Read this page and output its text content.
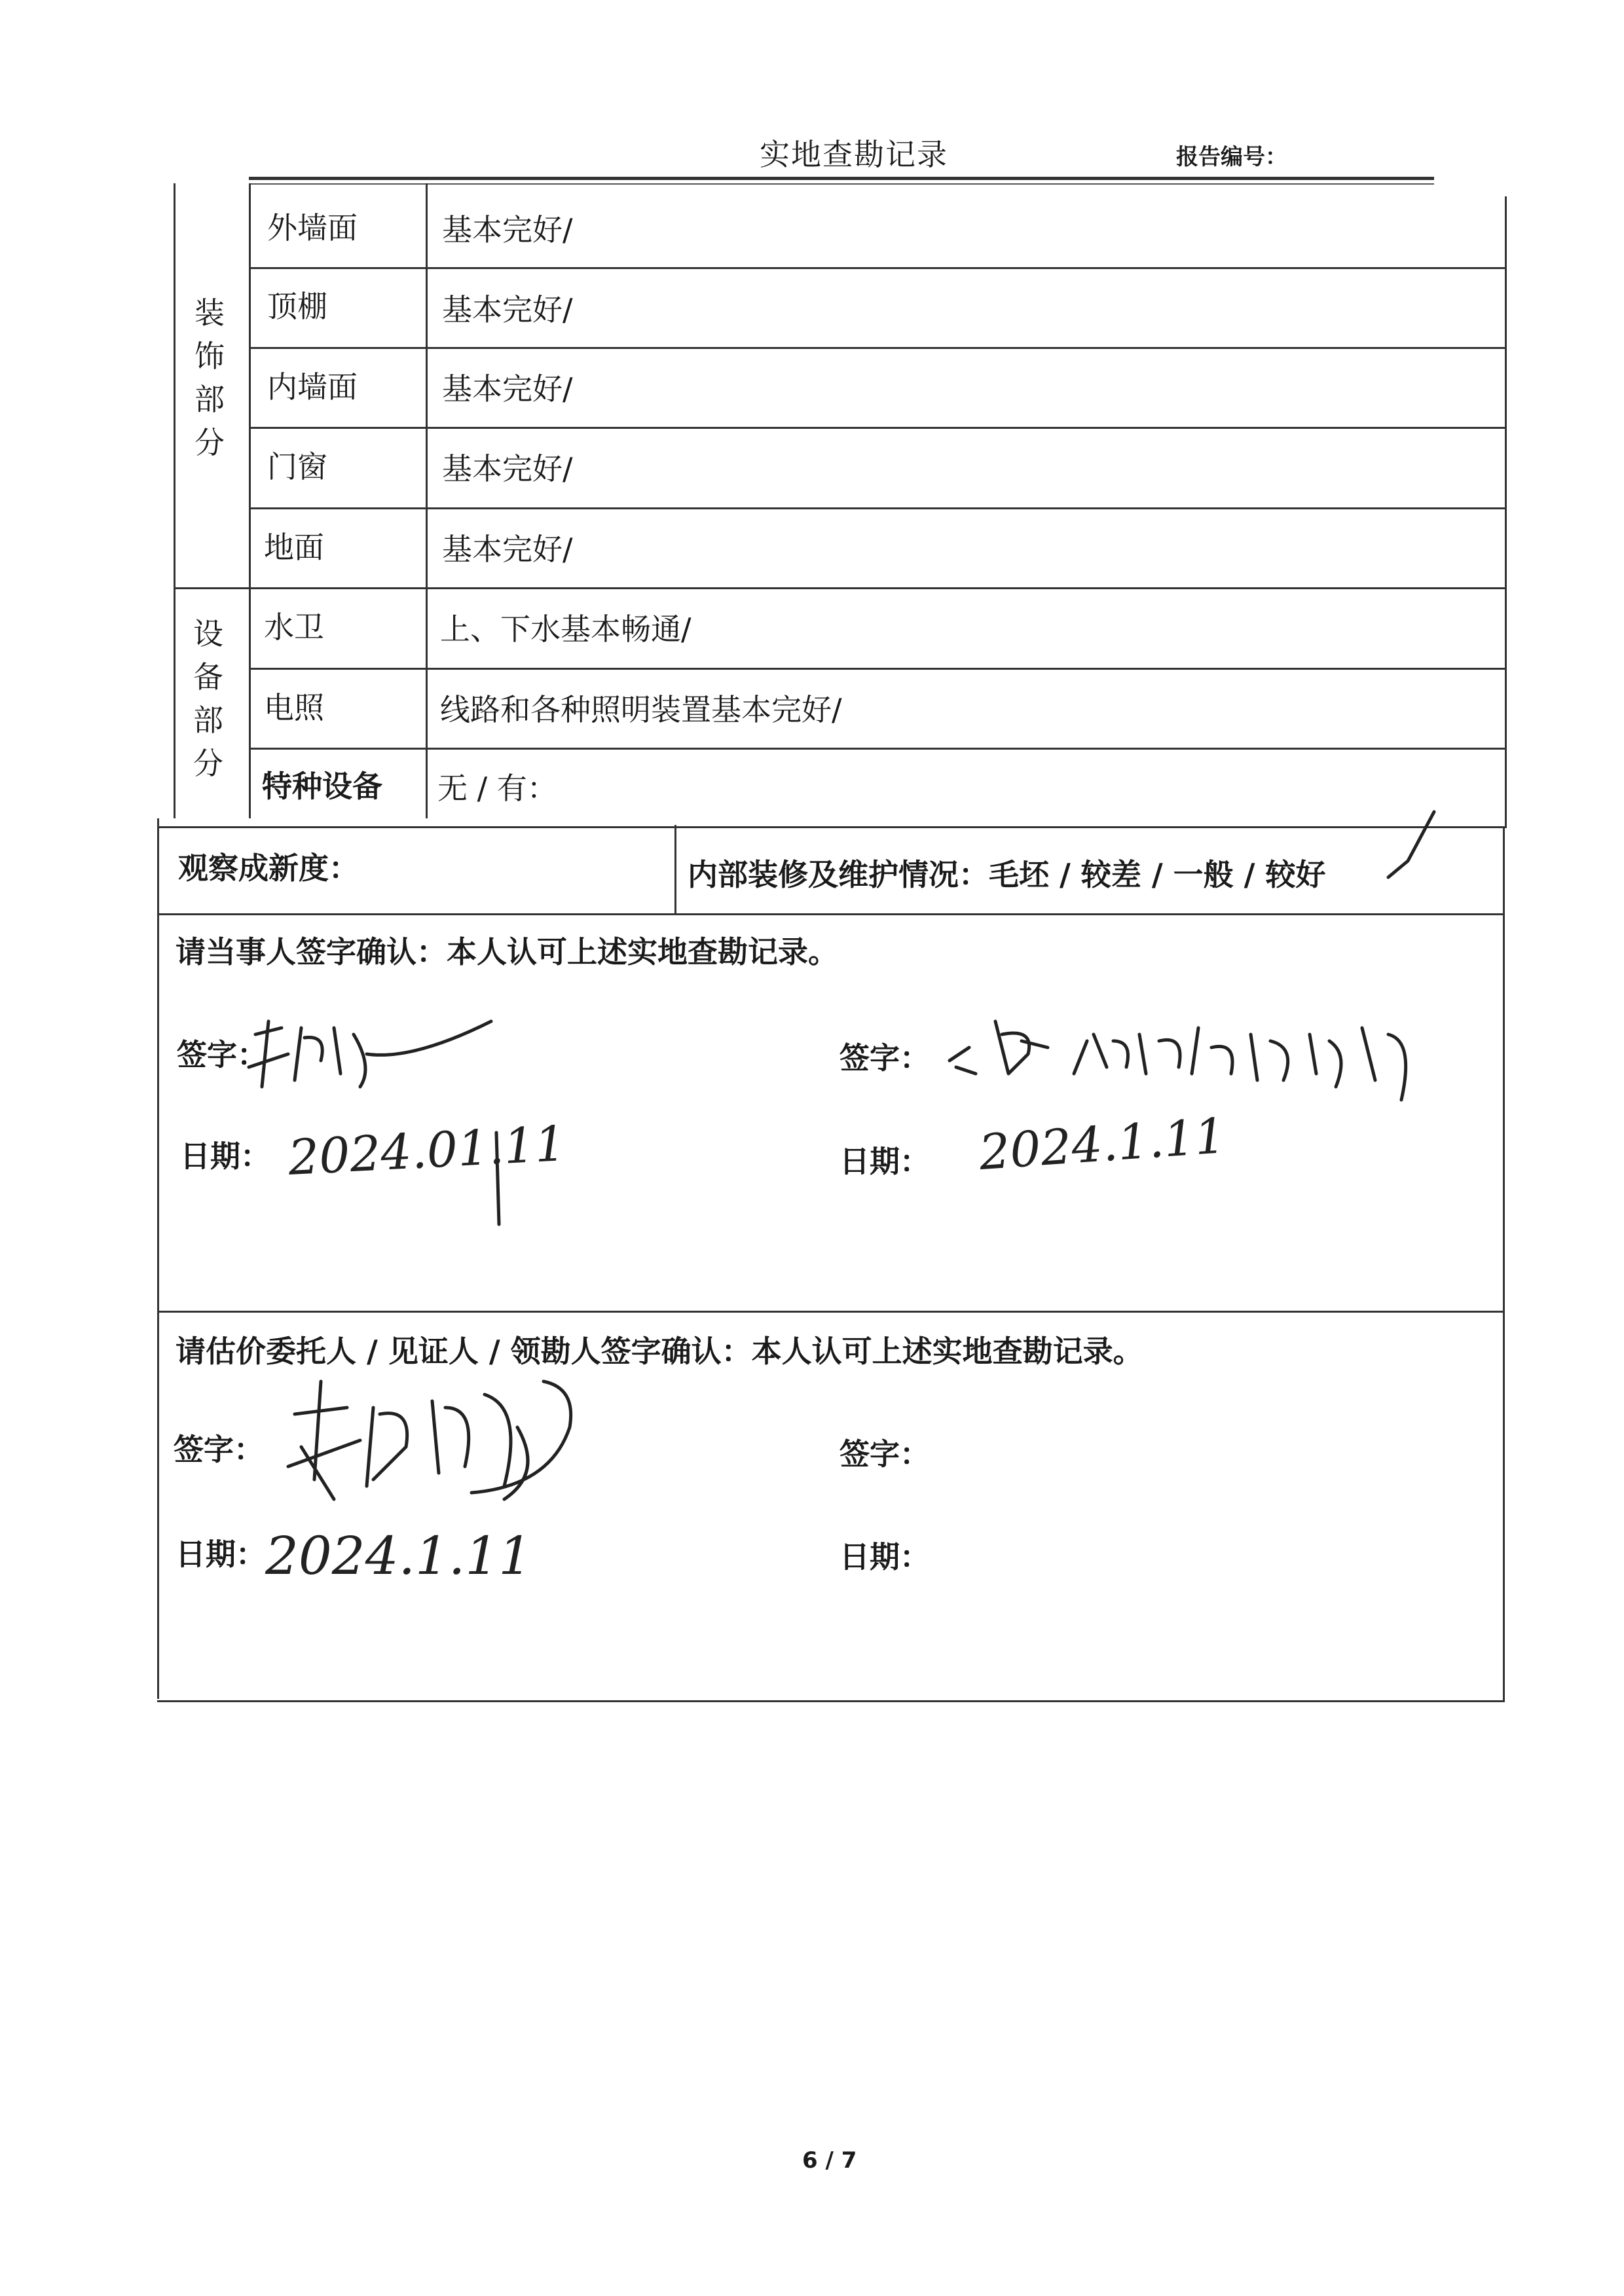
实地查勘记录	报告编号：
装
饰
部
分
外墙面	基本完好/
顶棚	基本完好/
内墙面	基本完好/
门窗	基本完好/
地面	基本完好/
设
备
部
分
水卫	上、下水基本畅通/
电照	线路和各种照明装置基本完好/
特种设备 无 / 有：
观察成新度：	内部装修及维护情况：毛坯 / 较差 / 一般 / 较好
请当事人签字确认：本人认可上述实地查勘记录。
签字：	签字：
日期：	日期：
2024.01.11	2024.1.11
请估价委托人 / 见证人 / 领勘人签字确认：本人认可上述实地查勘记录。
签字：	签字：
日期：	日期：
2024.1.11
6 / 7
